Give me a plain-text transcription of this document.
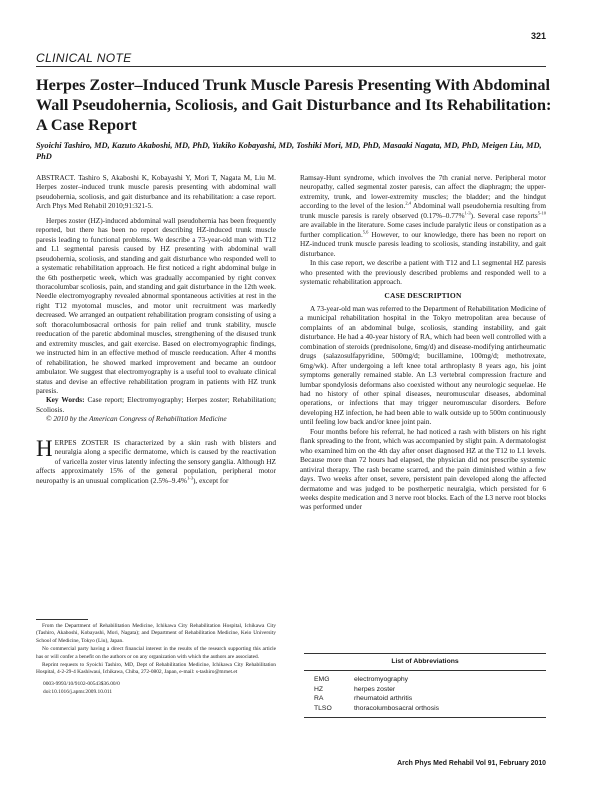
321
CLINICAL NOTE
Herpes Zoster–Induced Trunk Muscle Paresis Presenting With Abdominal Wall Pseudohernia, Scoliosis, and Gait Disturbance and Its Rehabilitation: A Case Report
Syoichi Tashiro, MD, Kazuto Akaboshi, MD, PhD, Yukiko Kobayashi, MD, Toshiki Mori, MD, PhD, Masaaki Nagata, MD, PhD, Meigen Liu, MD, PhD

ABSTRACT. Tashiro S, Akaboshi K, Kobayashi Y, Mori T, Nagata M, Liu M. Herpes zoster–induced trunk muscle paresis presenting with abdominal wall pseudohernia, scoliosis, and gait disturbance and its rehabilitation: a case report. Arch Phys Med Rehabil 2010;91:321-5.

Herpes zoster (HZ)-induced abdominal wall pseudohernia has been frequently reported, but there has been no report describing HZ-induced trunk muscle paresis leading to functional problems. We describe a 73-year-old man with T12 and L1 segmental paresis caused by HZ presenting with abdominal wall pseudohernia, scoliosis, and standing and gait disturbance who responded well to a systematic rehabilitation approach. He first noticed a right abdominal bulge in the 6th postherpetic week, which was gradually accompanied by right convex thoracolumbar scoliosis, pain, and standing and gait disturbance in the 12th week. Needle electromyography revealed abnormal spontaneous activities at rest in the right T12 myotomal muscles, and motor unit recruitment was markedly decreased. We arranged an outpatient rehabilitation program consisting of using a soft thoracolumbosacral orthosis for pain relief and trunk stability, muscle reeducation of the paretic abdominal muscles, strengthening of the disused trunk and extremity muscles, and gait exercise. Based on electromyographic findings, we instructed him in an effective method of muscle reeducation. After 4 months of rehabilitation, he showed marked improvement and became an outdoor ambulator. We suggest that electromyography is a useful tool to evaluate clinical status and devise an effective rehabilitation program in patients with HZ trunk paresis.

Key Words: Case report; Electromyography; Herpes zoster; Rehabilitation; Scoliosis.

© 2010 by the American Congress of Rehabilitation Medicine

HERPES ZOSTER IS characterized by a skin rash with blisters and neuralgia along a specific dermatome, which is caused by the reactivation of varicella zoster virus latently infecting the sensory ganglia. Although HZ affects approximately 15% of the general population, peripheral motor neuropathy is an unusual complication (2.5%–9.4%$^{1-3}$), except for

Ramsay-Hunt syndrome, which involves the 7th cranial nerve. Peripheral motor neuropathy, called segmental zoster paresis, can affect the diaphragm; the upper-extremity, trunk, and lower-extremity muscles; the bladder; and the hindgut according to the level of the lesion.$^{2,4}$ Abdominal wall pseudohernia resulting from trunk muscle paresis is rarely observed (0.17%–0.77%$^{1-3}$). Several case reports$^{5-10}$ are available in the literature. Some cases include paralytic ileus or constipation as a further complication.$^{5,6}$ However, to our knowledge, there has been no report on HZ-induced trunk muscle paresis leading to scoliosis, standing instability, and gait disturbance.

In this case report, we describe a patient with T12 and L1 segmental HZ paresis who presented with the previously described problems and responded well to a systematic rehabilitation approach.

CASE DESCRIPTION

A 73-year-old man was referred to the Department of Rehabilitation Medicine of a municipal rehabilitation hospital in the Tokyo metropolitan area because of complaints of an abdominal bulge, scoliosis, standing instability, and gait disturbance. He had a 40-year history of RA, which had been well controlled with a combination of steroids (prednisolone, 6mg/d) and disease-modifying antirheumatic drugs (salazosulfapyridine, 500mg/d; bucillamine, 100mg/d; methotrexate, 6mg/wk). After undergoing a left knee total arthroplasty 8 years ago, his joint symptoms generally remained stable. An L3 vertebral compression fracture and lumbar spondylosis deformans also coexisted without any neurologic sequelae. He had no history of other spinal diseases, neuromuscular diseases, abdominal operations, or infections that may trigger neuromuscular disorders. Before developing HZ infection, he had been able to walk outside up to 500m continuously until feeling low back and/or knee joint pain.

Four months before his referral, he had noticed a rash with blisters on his right flank spreading to the front, which was accompanied by slight pain. A dermatologist who examined him on the 4th day after onset diagnosed HZ at the T12 to L1 levels. Because more than 72 hours had elapsed, the physician did not prescribe systemic antiviral therapy. The rash became scarred, and the pain diminished within a few days. Two weeks after onset, severe, persistent pain developed along the affected dermatome and was judged to be postherpetic neuralgia, which persisted for 6 weeks despite medication and 3 nerve root blocks. Each of the L3 nerve root blocks was performed under

From the Department of Rehabilitation Medicine, Ichikawa City Rehabilitation Hospital, Ichikawa City (Tashiro, Akaboshi, Kobayashi, Mori, Nagata); and Department of Rehabilitation Medicine, Keio University School of Medicine, Tokyo (Liu), Japan.

No commercial party having a direct financial interest in the results of the research supporting this article has or will confer a benefit on the authors or on any organization with which the authors are associated.

Reprint requests to Syoichi Tashiro, MD, Dept of Rehabilitation Medicine, Ichikawa City Rehabilitation Hospital, 4-2-29-4 Kashiwaui, Ichikawa, Chiba, 272-0802, Japan, e-mail: s-tashiro@mrnet.et

0003-9993/10/9102-00543$36.00/0

doi:10.1016/j.apmr.2009.10.011

List of Abbreviations
EMG	electromyography
HZ	herpes zoster
RA	rheumatoid arthritis
TLSO	thoracolumbosacral orthosis
Arch Phys Med Rehabil Vol 91, February 2010
